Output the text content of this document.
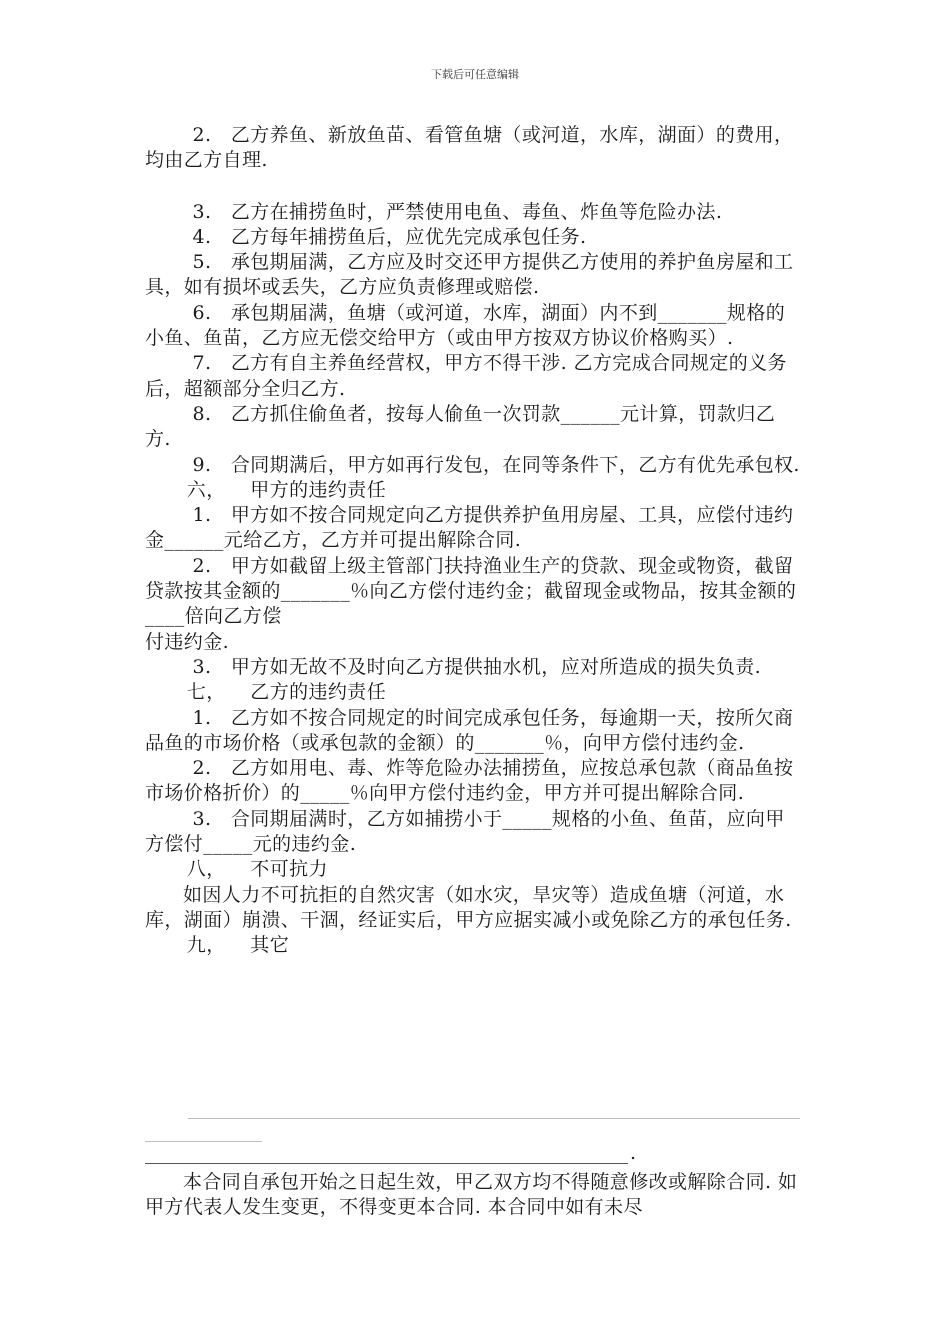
下载后可任意编辑

2.　乙方养鱼、新放鱼苗、看管鱼塘（或河道，水库，湖面）的费用，均由乙方自理.

3.　乙方在捕捞鱼时，严禁使用电鱼、毒鱼、炸鱼等危险办法.

4.　乙方每年捕捞鱼后，应优先完成承包任务.

5.　承包期届满，乙方应及时交还甲方提供乙方使用的养护鱼房屋和工具，如有损坏或丢失，乙方应负责修理或赔偿.

6.　承包期届满，鱼塘（或河道，水库，湖面）内不到_______规格的小鱼、鱼苗，乙方应无偿交给甲方（或由甲方按双方协议价格购买）.

7.　乙方有自主养鱼经营权，甲方不得干涉. 乙方完成合同规定的义务后，超额部分全归乙方.

8.　乙方抓住偷鱼者，按每人偷鱼一次罚款______元计算，罚款归乙方.

9.　合同期满后，甲方如再行发包，在同等条件下，乙方有优先承包权.

六， 甲方的违约责任

1.　甲方如不按合同规定向乙方提供养护鱼用房屋、工具，应偿付违约金______元给乙方，乙方并可提出解除合同.

2.　甲方如截留上级主管部门扶持渔业生产的贷款、现金或物资，截留贷款按其金额的_______％向乙方偿付违约金；截留现金或物品，按其金额的____倍向乙方偿

付违约金.

3.　甲方如无故不及时向乙方提供抽水机，应对所造成的损失负责.

七， 乙方的违约责任

1.　乙方如不按合同规定的时间完成承包任务，每逾期一天，按所欠商品鱼的市场价格（或承包款的金额）的_______％，向甲方偿付违约金.

2.　乙方如用电、毒、炸等危险办法捕捞鱼，应按总承包款（商品鱼按市场价格折价）的_____％向甲方偿付违约金，甲方并可提出解除合同.

3.　合同期届满时，乙方如捕捞小于_____规格的小鱼、鱼苗，应向甲方偿付_____元的违约金.

八， 不可抗力

如因人力不可抗拒的自然灾害（如水灾，旱灾等）造成鱼塘（河道，水库，湖面）崩溃、干涸，经证实后，甲方应据实减小或免除乙方的承包任务.

九， 其它

.

本合同自承包开始之日起生效，甲乙双方均不得随意修改或解除合同. 如甲方代表人发生变更，不得变更本合同. 本合同中如有未尽
